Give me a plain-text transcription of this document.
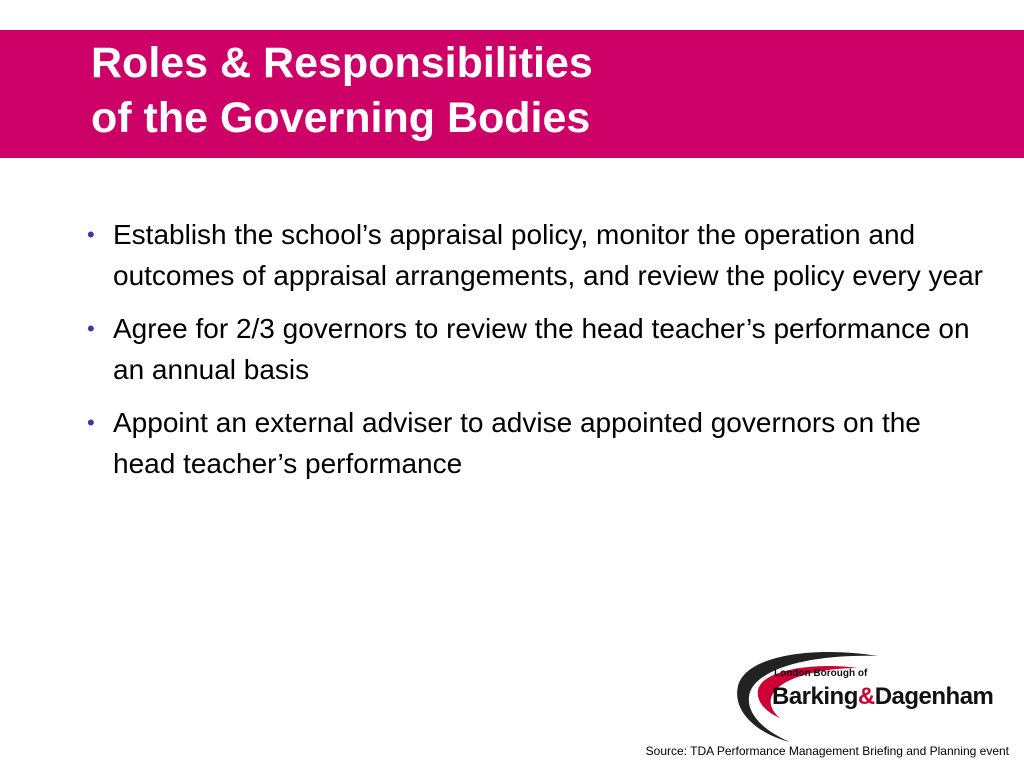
Roles & Responsibilities
of the Governing Bodies
• Establish the school’s appraisal policy, monitor the operation and outcomes of appraisal arrangements, and review the policy every year
• Agree for 2/3 governors to review the head teacher’s performance on an annual basis
• Appoint an external adviser to advise appointed governors on the head teacher’s performance
London Borough of
Barking&Dagenham
Source: TDA Performance Management Briefing and Planning event
